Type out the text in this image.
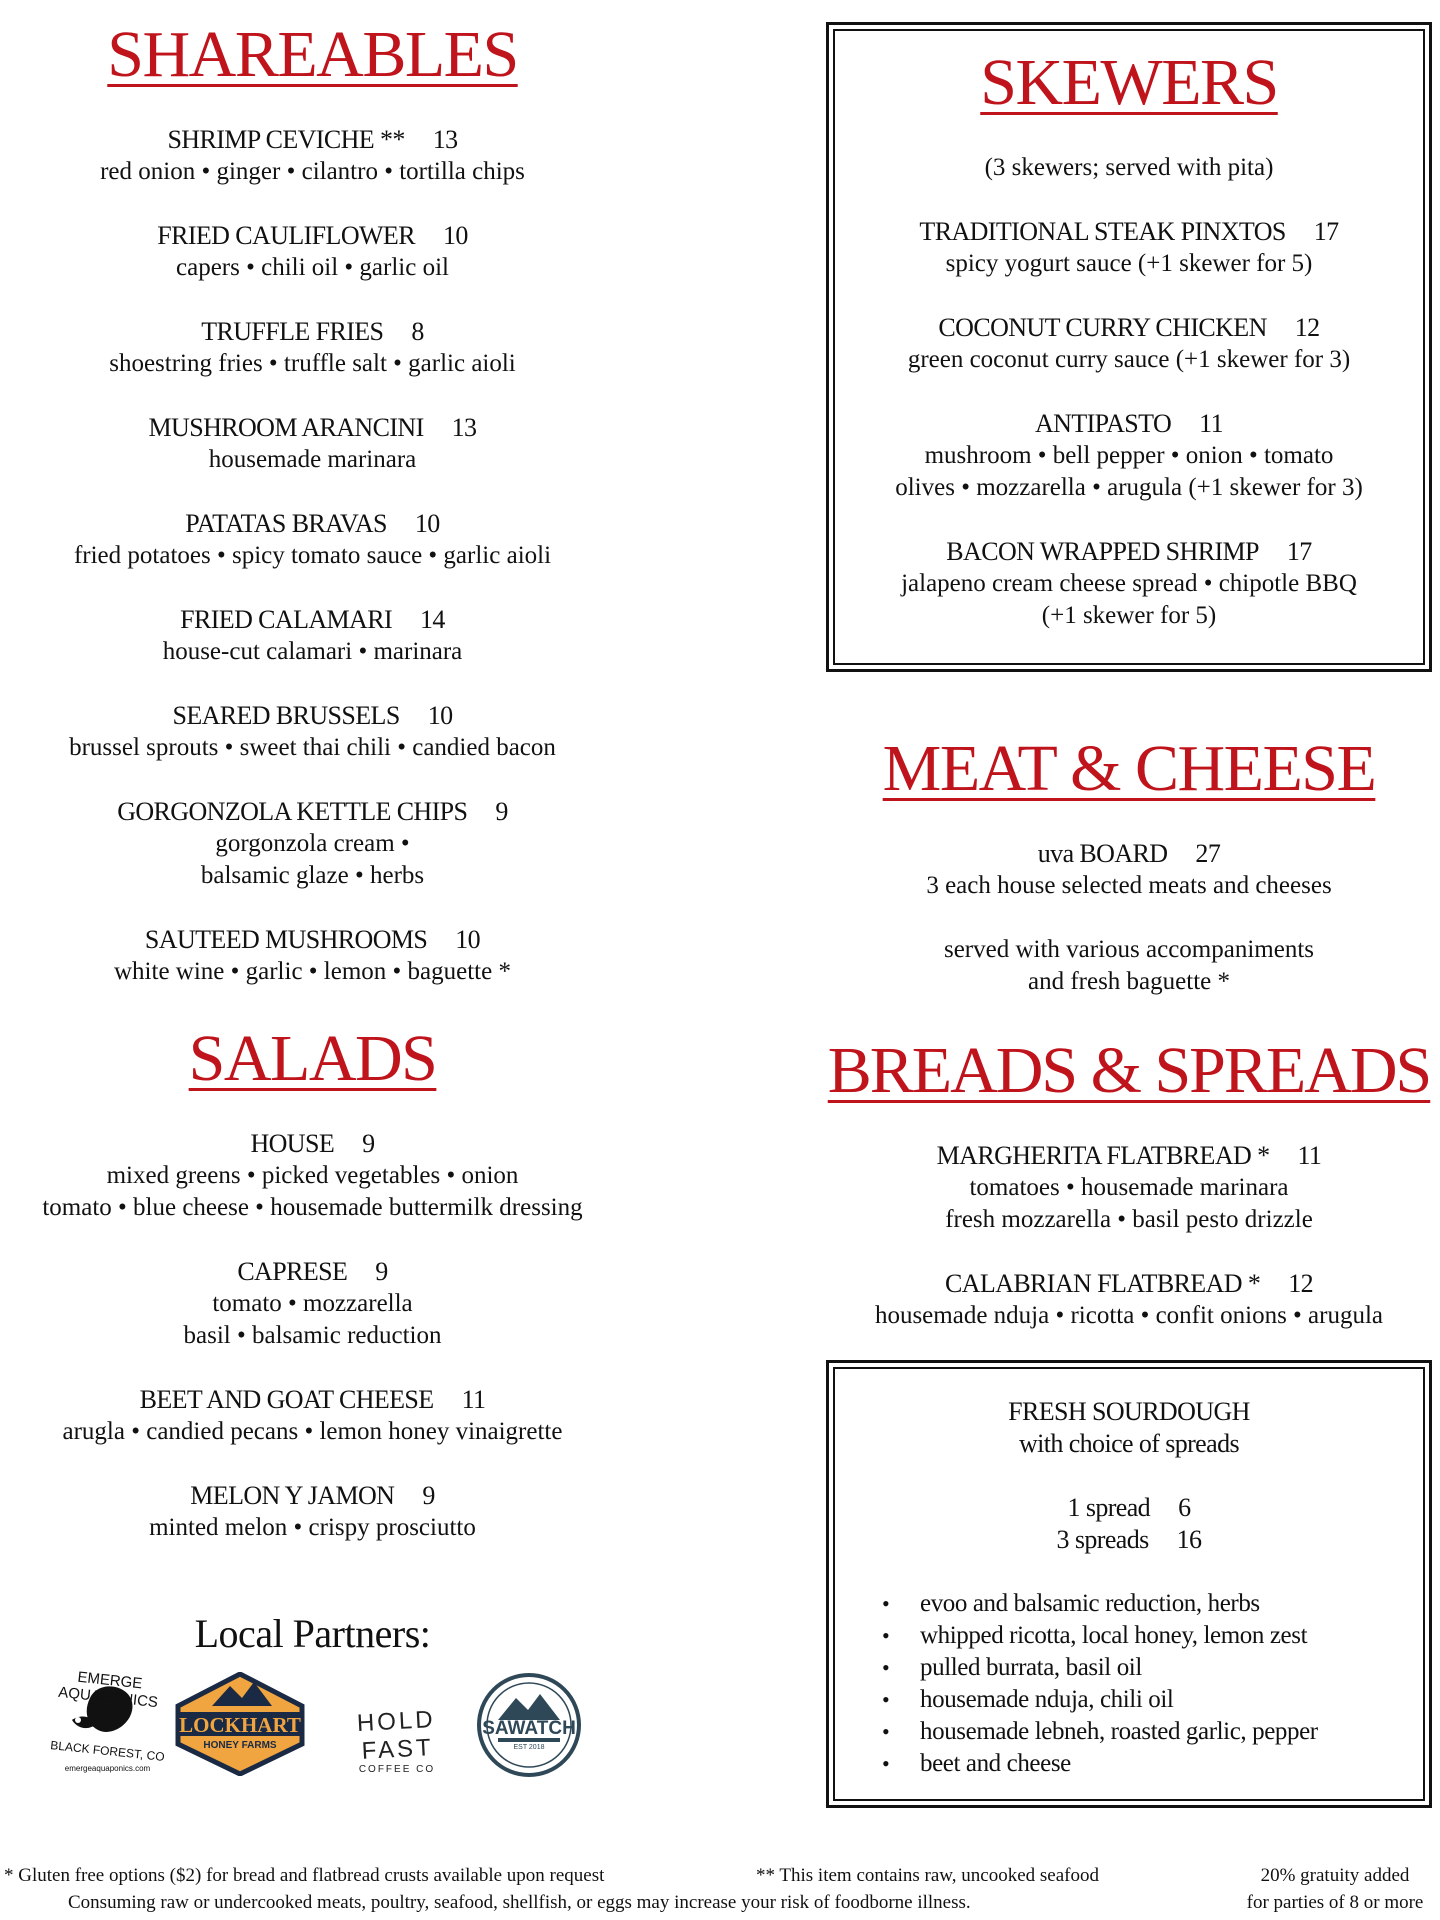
SHAREABLES
SHRIMP CEVICHE ** 13
red onion • ginger • cilantro • tortilla chips
FRIED CAULIFLOWER 10
capers • chili oil • garlic oil
TRUFFLE FRIES 8
shoestring fries • truffle salt • garlic aioli
MUSHROOM ARANCINI 13
housemade marinara
PATATAS BRAVAS 10
fried potatoes • spicy tomato sauce • garlic aioli
FRIED CALAMARI 14
house-cut calamari • marinara
SEARED BRUSSELS 10
brussel sprouts • sweet thai chili • candied bacon
GORGONZOLA KETTLE CHIPS 9
gorgonzola cream •
balsamic glaze • herbs
SAUTEED MUSHROOMS 10
white wine • garlic • lemon • baguette *
SALADS
HOUSE 9
mixed greens • picked vegetables • onion
tomato • blue cheese • housemade buttermilk dressing
CAPRESE 9
tomato • mozzarella
basil • balsamic reduction
BEET AND GOAT CHEESE 11
arugla • candied pecans • lemon honey vinaigrette
MELON Y JAMON 9
minted melon • crispy prosciutto
Local Partners:
EMERGE AQUAPONICS
BLACK FOREST, CO
emergeaquaponics.com
LOCKHART
HONEY FARMS
HOLD FAST
COFFEE CO
SAWATCH
EST 2018
SKEWERS
(3 skewers; served with pita)
TRADITIONAL STEAK PINXTOS 17
spicy yogurt sauce (+1 skewer for 5)
COCONUT CURRY CHICKEN 12
green coconut curry sauce (+1 skewer for 3)
ANTIPASTO 11
mushroom • bell pepper • onion • tomato
olives • mozzarella • arugula (+1 skewer for 3)
BACON WRAPPED SHRIMP 17
jalapeno cream cheese spread • chipotle BBQ
(+1 skewer for 5)
MEAT & CHEESE
uva BOARD 27
3 each house selected meats and cheeses
served with various accompaniments
and fresh baguette *
BREADS & SPREADS
MARGHERITA FLATBREAD * 11
tomatoes • housemade marinara
fresh mozzarella • basil pesto drizzle
CALABRIAN FLATBREAD * 12
housemade nduja • ricotta • confit onions • arugula
FRESH SOURDOUGH
with choice of spreads
1 spread 6
3 spreads 16
• evoo and balsamic reduction, herbs
• whipped ricotta, local honey, lemon zest
• pulled burrata, basil oil
• housemade nduja, chili oil
• housemade lebneh, roasted garlic, pepper
• beet and cheese
* Gluten free options ($2) for bread and flatbread crusts available upon request	** This item contains raw, uncooked seafood
Consuming raw or undercooked meats, poultry, seafood, shellfish, or eggs may increase your risk of foodborne illness.
20% gratuity added
for parties of 8 or more
